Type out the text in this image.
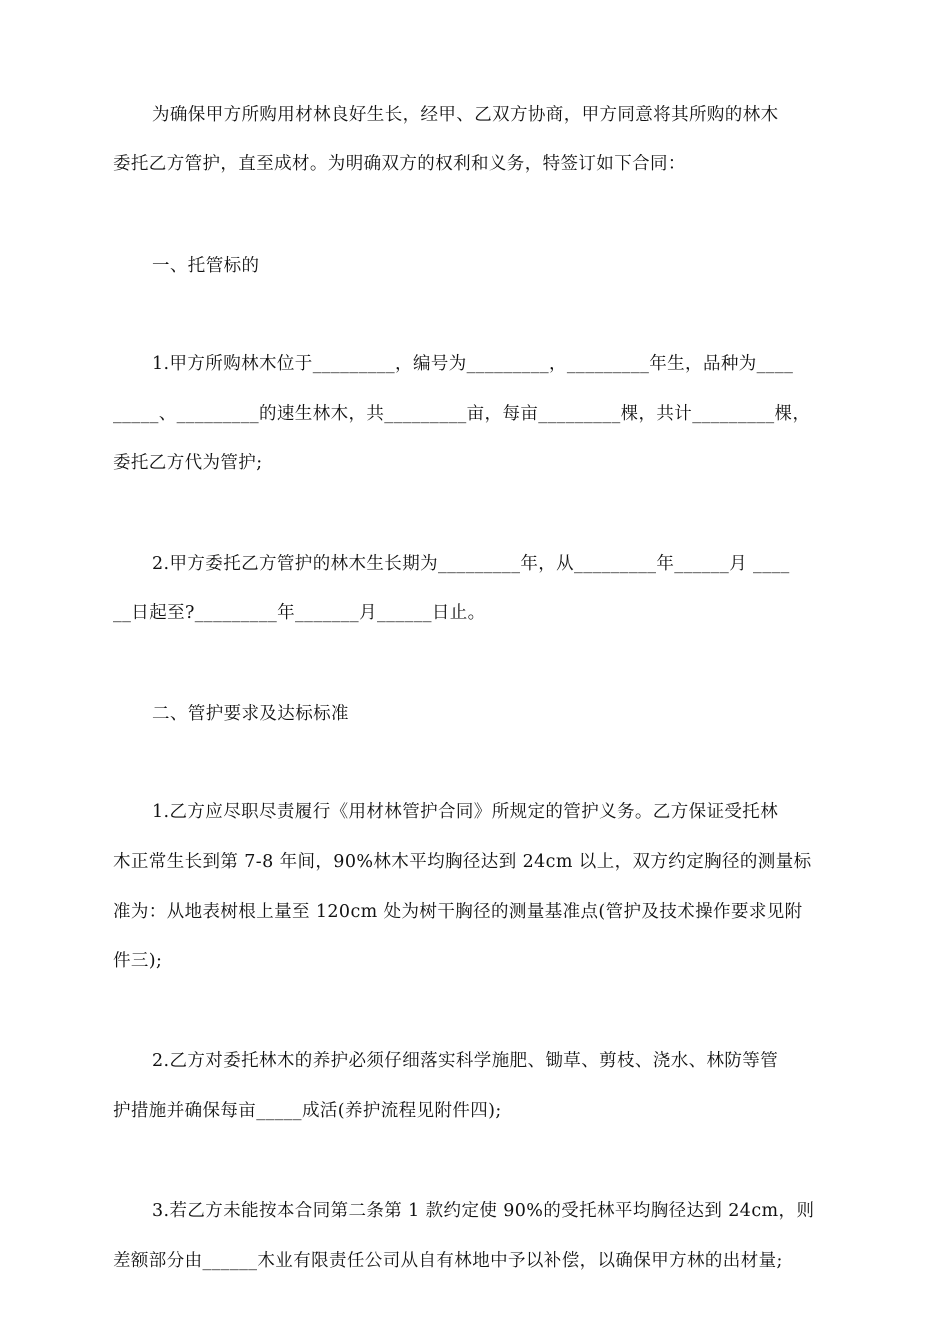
为确保甲方所购用材林良好生长，经甲、乙双方协商，甲方同意将其所购的林木
委托乙方管护，直至成材。为明确双方的权利和义务，特签订如下合同：
一、托管标的
1.甲方所购林木位于_________，编号为_________，_________年生，品种为____
_____、_________的速生林木，共_________亩，每亩_________棵，共计_________棵，
委托乙方代为管护;
2.甲方委托乙方管护的林木生长期为_________年，从_________年______月 ____
__日起至?_________年_______月______日止。
二、管护要求及达标标准
1.乙方应尽职尽责履行《用材林管护合同》所规定的管护义务。乙方保证受托林
木正常生长到第 7-8 年间，90%林木平均胸径达到 24cm 以上，双方约定胸径的测量标
准为：从地表树根上量至 120cm 处为树干胸径的测量基准点(管护及技术操作要求见附
件三);
2.乙方对委托林木的养护必须仔细落实科学施肥、锄草、剪枝、浇水、林防等管
护措施并确保每亩_____成活(养护流程见附件四);
3.若乙方未能按本合同第二条第 1 款约定使 90%的受托林平均胸径达到 24cm，则
差额部分由______木业有限责任公司从自有林地中予以补偿，以确保甲方林的出材量;
